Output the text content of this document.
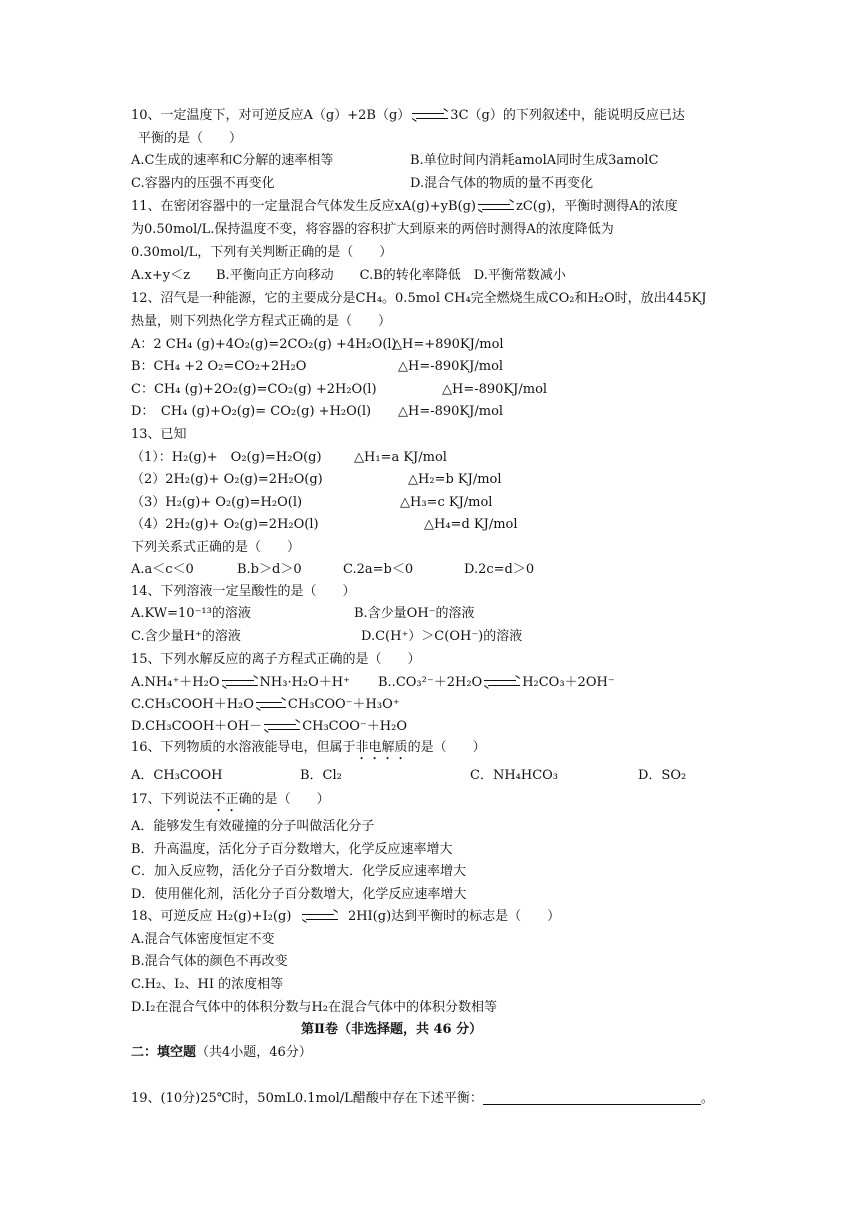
10、一定温度下，对可逆反应A（g）+2B（g） → 3C（g）的下列叙述中，能说明反应已达
平衡的是（　　）
A.C生成的速率和C分解的速率相等	B.单位时间内消耗amolA同时生成3amolC
C.容器内的压强不再变化	D.混合气体的物质的量不再变化
11、在密闭容器中的一定量混合气体发生反应xA(g)+yB(g) → zC(g)，平衡时测得A的浓度
为0.50mol/L.保持温度不变，将容器的容积扩大到原来的两倍时测得A的浓度降低为
0.30mol/L，下列有关判断正确的是（　　）
A.x+y＜z　　B.平衡向正方向移动　　C.B的转化率降低　D.平衡常数减小
12、沼气是一种能源，它的主要成分是CH₄。0.5mol CH₄完全燃烧生成CO₂和H₂O时，放出445KJ
热量，则下列热化学方程式正确的是（　　）
A：2 CH₄ (g)+4O₂(g)=2CO₂(g) +4H₂O(l)
△H=+890KJ/mol
B：CH₄ +2 O₂=CO₂+2H₂O	△H=-890KJ/mol
C：CH₄ (g)+2O₂(g)=CO₂(g) +2H₂O(l)	△H=-890KJ/mol
D：　CH₄ (g)+O₂(g)= CO₂(g) +H₂O(l) △H=-890KJ/mol
13、已知
（1）：H₂(g)+　O₂(g)=H₂O(g) △H₁=a KJ/mol
（2）2H₂(g)+ O₂(g)=2H₂O(g)	△H₂=b KJ/mol
（3）H₂(g)+ O₂(g)=H₂O(l)	△H₃=c KJ/mol
（4）2H₂(g)+ O₂(g)=2H₂O(l)	△H₄=d KJ/mol
下列关系式正确的是（　　）
A.a＜c＜0	B.b＞d＞0	C.2a=b＜0	D.2c=d＞0
14、下列溶液一定呈酸性的是（　　）
A.KW=10⁻¹³的溶液	B.含少量OH⁻的溶液
C.含少量H⁺的溶液	D.C(H⁺）＞C(OH⁻)的溶液
15、下列水解反应的离子方程式正确的是（　　）
A.NH₄⁺＋H₂O → NH₃·H₂O＋H⁺ B..CO₃²⁻＋2H₂O → H₂CO₃＋2OH⁻
C.CH₃COOH＋H₂O → CH₃COO⁻＋H₃O⁺
D.CH₃COOH＋OH－ → CH₃COO⁻＋H₂O
16、下列物质的水溶液能导电，但属于非电解质的是（　　）
A．CH₃COOH	B．Cl₂	C．NH₄HCO₃	D．SO₂
17、下列说法不正确的是（　　）
A．能够发生有效碰撞的分子叫做活化分子
B．升高温度，活化分子百分数增大，化学反应速率增大
C．加入反应物，活化分子百分数增大．化学反应速率增大
D．使用催化剂，活化分子百分数增大，化学反应速率增大
18、可逆反应 H₂(g)+I₂(g) → 2HI(g)达到平衡时的标志是（　　）
A.混合气体密度恒定不变
B.混合气体的颜色不再改变
C.H₂、I₂、HI 的浓度相等
D.I₂在混合气体中的体积分数与H₂在混合气体中的体积分数相等
第Ⅱ卷（非选择题，共 46 分）
二：填空题（共4小题，46分）
19、(10分)25℃时，50mL0.1mol/L醋酸中存在下述平衡：	。
